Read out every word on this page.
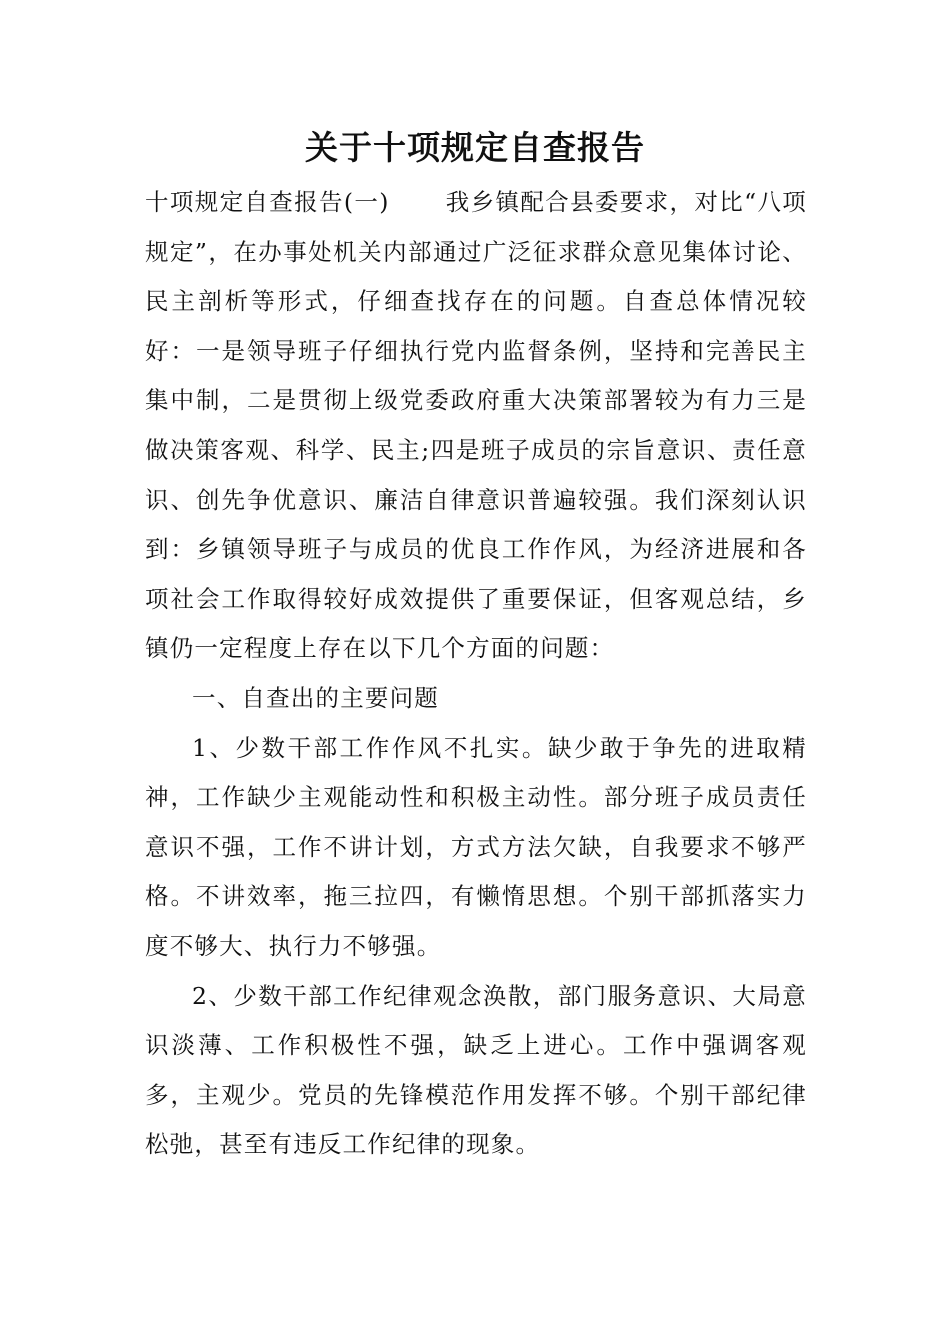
关于十项规定自查报告

十项规定自查报告(一) 我乡镇配合县委要求，对比“八项规定”，在办事处机关内部通过广泛征求群众意见集体讨论、民主剖析等形式，仔细查找存在的问题。自查总体情况较好：一是领导班子仔细执行党内监督条例，坚持和完善民主集中制，二是贯彻上级党委政府重大决策部署较为有力三是做决策客观、科学、民主;四是班子成员的宗旨意识、责任意识、创先争优意识、廉洁自律意识普遍较强。我们深刻认识到：乡镇领导班子与成员的优良工作作风，为经济进展和各项社会工作取得较好成效提供了重要保证，但客观总结，乡镇仍一定程度上存在以下几个方面的问题：

一、自查出的主要问题

1、少数干部工作作风不扎实。缺少敢于争先的进取精神，工作缺少主观能动性和积极主动性。部分班子成员责任意识不强，工作不讲计划，方式方法欠缺，自我要求不够严格。不讲效率，拖三拉四，有懒惰思想。个别干部抓落实力度不够大、执行力不够强。

2、少数干部工作纪律观念涣散，部门服务意识、大局意识淡薄、工作积极性不强，缺乏上进心。工作中强调客观多，主观少。党员的先锋模范作用发挥不够。个别干部纪律松弛，甚至有违反工作纪律的现象。
